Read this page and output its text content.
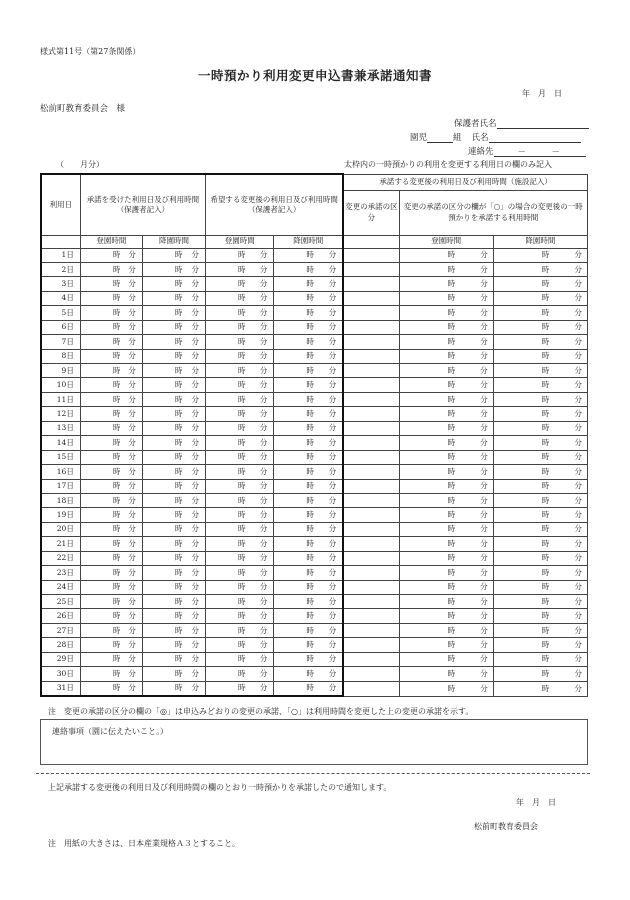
様式第11号（第27条関係）
一時預かり利用変更申込書兼承諾通知書
年　月　日
松前町教育委員会　様
保護者氏名
園児	組 氏名
連絡先	－	－
（　　月分）	太枠内の一時預かりの利用を変更する利用日の欄のみ記入
利用日	承諾を受けた利用日及び利用時間（保護者記入）		希望する変更後の利用日及び利用時間（保護者記入）		承諾する変更後の利用日及び利用時間（施設記入）		
					変更の承諾の区分	変更の承諾の区分の欄が「○」の場合の変更後の一時預かりを承諾する利用時間	
	登園時間	降園時間	登園時間	降園時間		登園時間	降園時間
1日	時 分	時 分	時 分	時 分		時 分	時 分

2日	時 分	時 分	時 分	時 分		時 分	時 分

3日	時 分	時 分	時 分	時 分		時 分	時 分

4日	時 分	時 分	時 分	時 分		時 分	時 分

5日	時 分	時 分	時 分	時 分		時 分	時 分

6日	時 分	時 分	時 分	時 分		時 分	時 分

7日	時 分	時 分	時 分	時 分		時 分	時 分

8日	時 分	時 分	時 分	時 分		時 分	時 分

9日	時 分	時 分	時 分	時 分		時 分	時 分

10日	時 分	時 分	時 分	時 分		時 分	時 分

11日	時 分	時 分	時 分	時 分		時 分	時 分

12日	時 分	時 分	時 分	時 分		時 分	時 分

13日	時 分	時 分	時 分	時 分		時 分	時 分

14日	時 分	時 分	時 分	時 分		時 分	時 分

15日	時 分	時 分	時 分	時 分		時 分	時 分

16日	時 分	時 分	時 分	時 分		時 分	時 分

17日	時 分	時 分	時 分	時 分		時 分	時 分

18日	時 分	時 分	時 分	時 分		時 分	時 分

19日	時 分	時 分	時 分	時 分		時 分	時 分

20日	時 分	時 分	時 分	時 分		時 分	時 分

21日	時 分	時 分	時 分	時 分		時 分	時 分

22日	時 分	時 分	時 分	時 分		時 分	時 分

23日	時 分	時 分	時 分	時 分		時 分	時 分

24日	時 分	時 分	時 分	時 分		時 分	時 分

25日	時 分	時 分	時 分	時 分		時 分	時 分

26日	時 分	時 分	時 分	時 分		時 分	時 分

27日	時 分	時 分	時 分	時 分		時 分	時 分

28日	時 分	時 分	時 分	時 分		時 分	時 分

29日	時 分	時 分	時 分	時 分		時 分	時 分

30日	時 分	時 分	時 分	時 分		時 分	時 分

31日	時 分	時 分	時 分	時 分		時 分	時 分
注　変更の承諾の区分の欄の「◎」は申込みどおりの変更の承諾、「○」は利用時間を変更した上の変更の承諾を示す。
連絡事項（園に伝えたいこと。）
上記承諾する変更後の利用日及び利用時間の欄のとおり一時預かりを承諾したので通知します。
年　月　日
松前町教育委員会
注　用紙の大きさは、日本産業規格Ａ３とすること。
